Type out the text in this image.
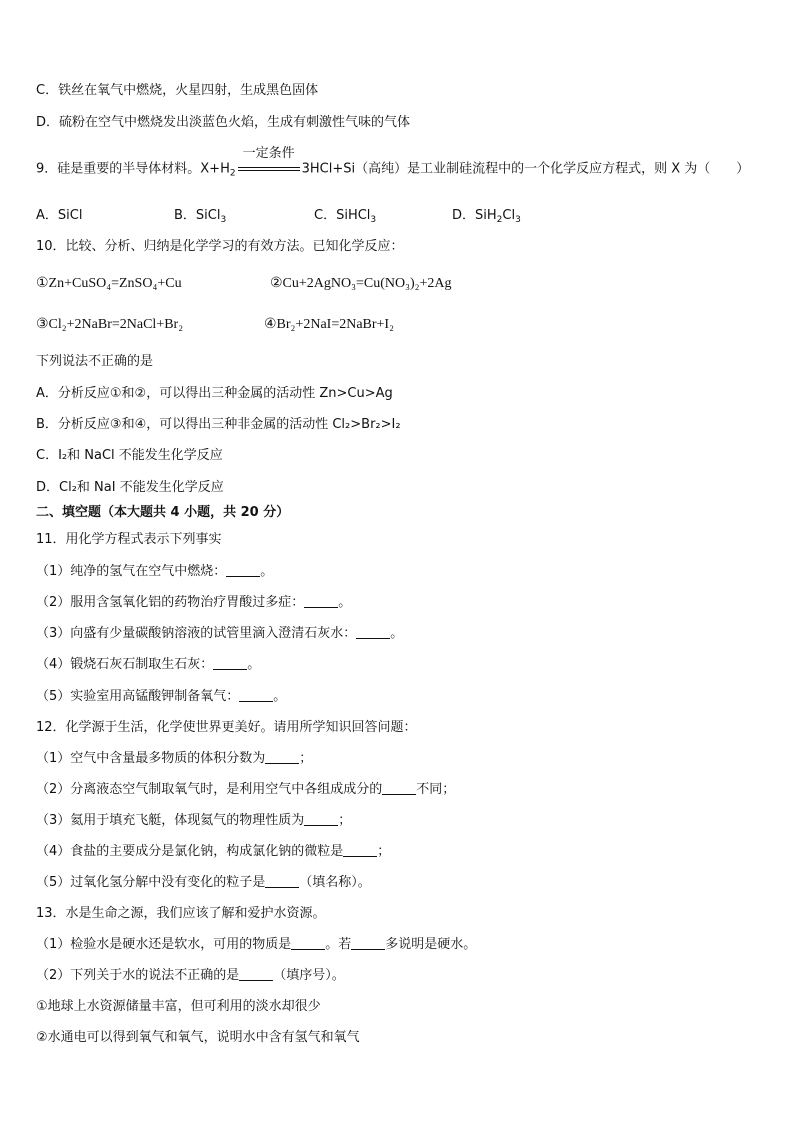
C．铁丝在氧气中燃烧，火星四射，生成黑色固体
D．硫粉在空气中燃烧发出淡蓝色火焰，生成有刺激性气味的气体
9．硅是重要的半导体材料。$X+H_2$
一定条件
3HCl+Si（高纯）是工业制硅流程中的一个化学反应方程式，则 X 为（　　）
A．SiCl	B．SiCl$_3$	C．SiHCl$_3$	D．$SiH_2Cl_3$
10．比较、分析、归纳是化学学习的有效方法。已知化学反应：
①Zn+CuSO₄=ZnSO₄+Cu	②Cu+2AgNO₃=Cu(NO₃)₂+2Ag
③Cl₂+2NaBr=2NaCl+Br₂	④Br₂+2NaI=2NaBr+I₂
下列说法不正确的是
A．分析反应①和②，可以得出三种金属的活动性 Zn>Cu>Ag
B．分析反应③和④，可以得出三种非金属的活动性 Cl₂>Br₂>I₂
C．I₂和 NaCl 不能发生化学反应
D．Cl₂和 NaI 不能发生化学反应
二、填空题（本大题共 4 小题，共 20 分）
11．用化学方程式表示下列事实
（1）纯净的氢气在空气中燃烧：	。
（2）服用含氢氧化铝的药物治疗胃酸过多症：	。
（3）向盛有少量碳酸钠溶液的试管里滴入澄清石灰水：	。
（4）锻烧石灰石制取生石灰：	。
（5）实验室用高锰酸钾制备氧气：	。
12．化学源于生活，化学使世界更美好。请用所学知识回答问题：
（1）空气中含量最多物质的体积分数为	；
（2）分离液态空气制取氧气时，是利用空气中各组成成分的	不同；
（3）氦用于填充飞艇，体现氦气的物理性质为	；
（4）食盐的主要成分是氯化钠，构成氯化钠的微粒是	；
（5）过氧化氢分解中没有变化的粒子是	（填名称）。
13．水是生命之源，我们应该了解和爱护水资源。
（1）检验水是硬水还是软水，可用的物质是	。若	多说明是硬水。
（2）下列关于水的说法不正确的是	（填序号）。
①地球上水资源储量丰富，但可利用的淡水却很少
②水通电可以得到氧气和氧气，说明水中含有氢气和氧气
